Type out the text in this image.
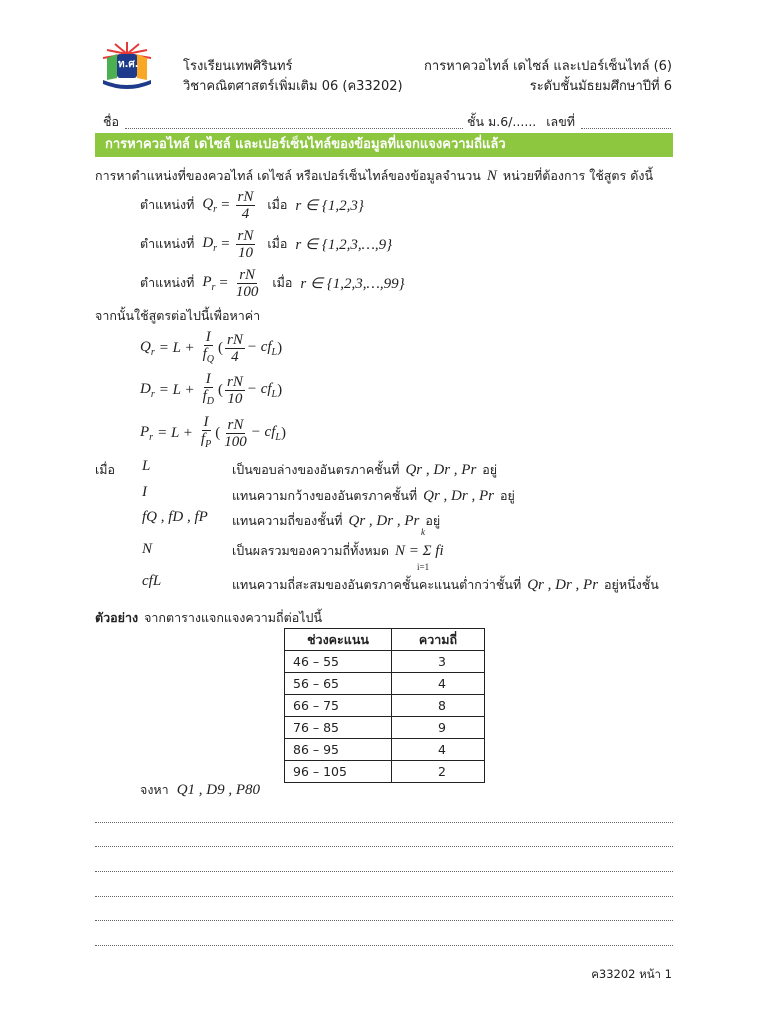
ท.ศ.	โรงเรียนเทพศิรินทร์
วิชาคณิตศาสตร์เพิ่มเติม 06 (ค33202)
การหาควอไทล์ เดไซล์ และเปอร์เซ็นไทล์ (6)
ระดับชั้นมัธยมศึกษาปีที่ 6
ชื่อ	ชั้น ม.6/...... เลขที่
การหาควอไทล์ เดไซล์ และเปอร์เซ็นไทล์ของข้อมูลที่แจกแจงความถี่แล้ว
การหาตำแหน่งที่ของควอไทล์ เดไซล์ หรือเปอร์เซ็นไทล์ของข้อมูลจำนวน N หน่วยที่ต้องการ ใช้สูตร ดังนี้
ตำแหน่งที่ $Q_r = \frac{rN}{4}$ เมื่อ r ∈ {1,2,3}
ตำแหน่งที่ $D_r = \frac{rN}{10}$ เมื่อ r ∈ {1,2,3,…,9}
ตำแหน่งที่ $P_r = \frac{rN}{100}$ เมื่อ r ∈ {1,2,3,…,99}
จากนั้นใช้สูตรต่อไปนี้เพื่อหาค่า
$Q_r = L + \frac{I}{f_Q}$ ( $\frac{rN}{4} - cf_L$ )
$D_r = L + \frac{I}{f_D}$ ( $\frac{rN}{10} - cf_L$ )
$P_r = L + \frac{I}{f_P}$ ( $\frac{rN}{100} - cf_L$ )
เมื่อ L	เป็นขอบล่างของอันตรภาคชั้นที่ Qr , Dr , Pr อยู่
I	แทนความกว้างของอันตรภาคชั้นที่ Qr , Dr , Pr อยู่
fQ , fD , fP แทนความถี่ของชั้นที่ Qr , Dr , Pr อยู่
N	เป็นผลรวมของความถี่ทั้งหมด N = Σ fi
k
i=1
cfL	แทนความถี่สะสมของอันตรภาคชั้นคะแนนต่ำกว่าชั้นที่ Qr , Dr , Pr อยู่หนึ่งชั้น
ตัวอย่าง จากตารางแจกแจงความถี่ต่อไปนี้
ช่วงคะแนน	ความถี่
46 – 55	3
56 – 65	4
66 – 75	8
76 – 85	9
86 – 95	4
96 – 105	2
จงหา Q1 , D9 , P80
ค33202 หน้า 1
